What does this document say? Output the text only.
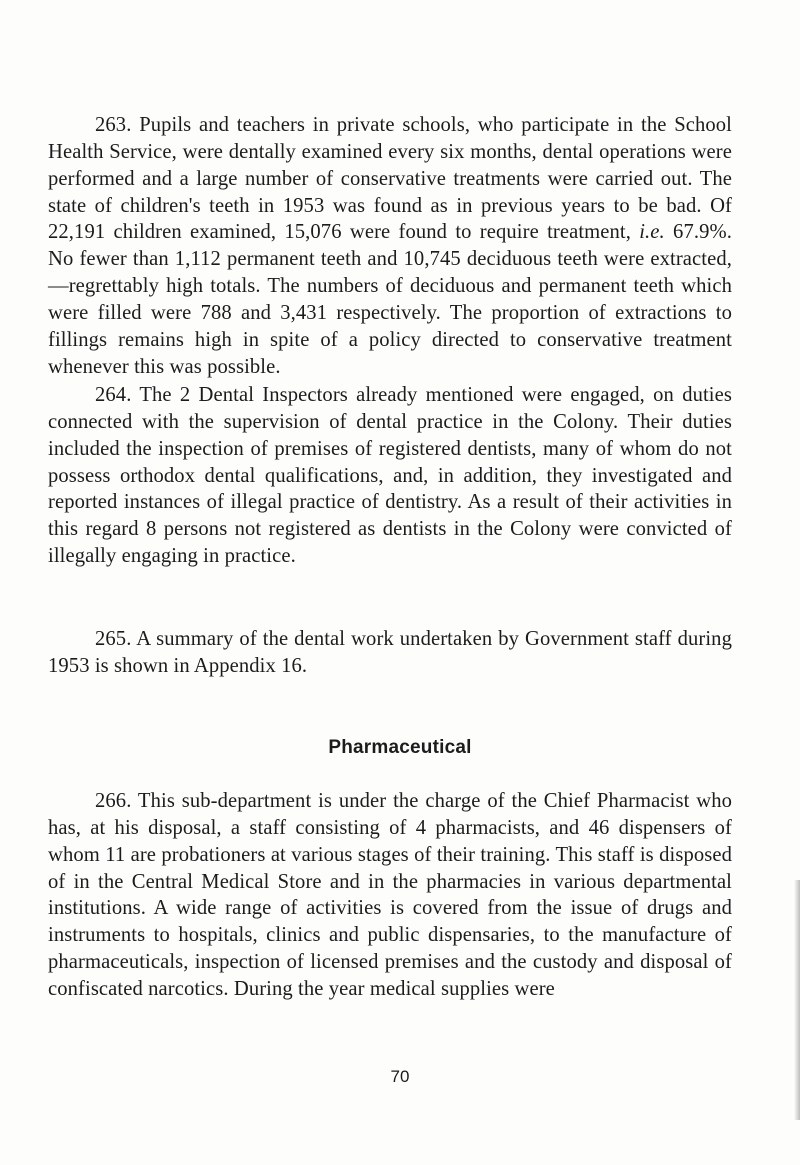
263. Pupils and teachers in private schools, who participate in the School Health Service, were dentally examined every six months, dental operations were performed and a large number of conservative treatments were carried out. The state of children's teeth in 1953 was found as in previous years to be bad. Of 22,191 children examined, 15,076 were found to require treatment, i.e. 67.9%. No fewer than 1,112 permanent teeth and 10,745 deciduous teeth were extracted,—regrettably high totals. The numbers of deciduous and permanent teeth which were filled were 788 and 3,431 respectively. The proportion of extractions to fillings remains high in spite of a policy directed to conservative treatment whenever this was possible.

264. The 2 Dental Inspectors already mentioned were engaged, on duties connected with the supervision of dental practice in the Colony. Their duties included the inspection of premises of registered dentists, many of whom do not possess orthodox dental qualifications, and, in addition, they investigated and reported instances of illegal practice of dentistry. As a result of their activities in this regard 8 persons not registered as dentists in the Colony were convicted of illegally engaging in practice.

265. A summary of the dental work undertaken by Government staff during 1953 is shown in Appendix 16.

Pharmaceutical

266. This sub-department is under the charge of the Chief Pharmacist who has, at his disposal, a staff consisting of 4 pharmacists, and 46 dispensers of whom 11 are probationers at various stages of their training. This staff is disposed of in the Central Medical Store and in the pharmacies in various departmental institutions. A wide range of activities is covered from the issue of drugs and instruments to hospitals, clinics and public dispensaries, to the manufacture of pharmaceuticals, inspection of licensed premises and the custody and disposal of confiscated narcotics. During the year medical supplies were

70
